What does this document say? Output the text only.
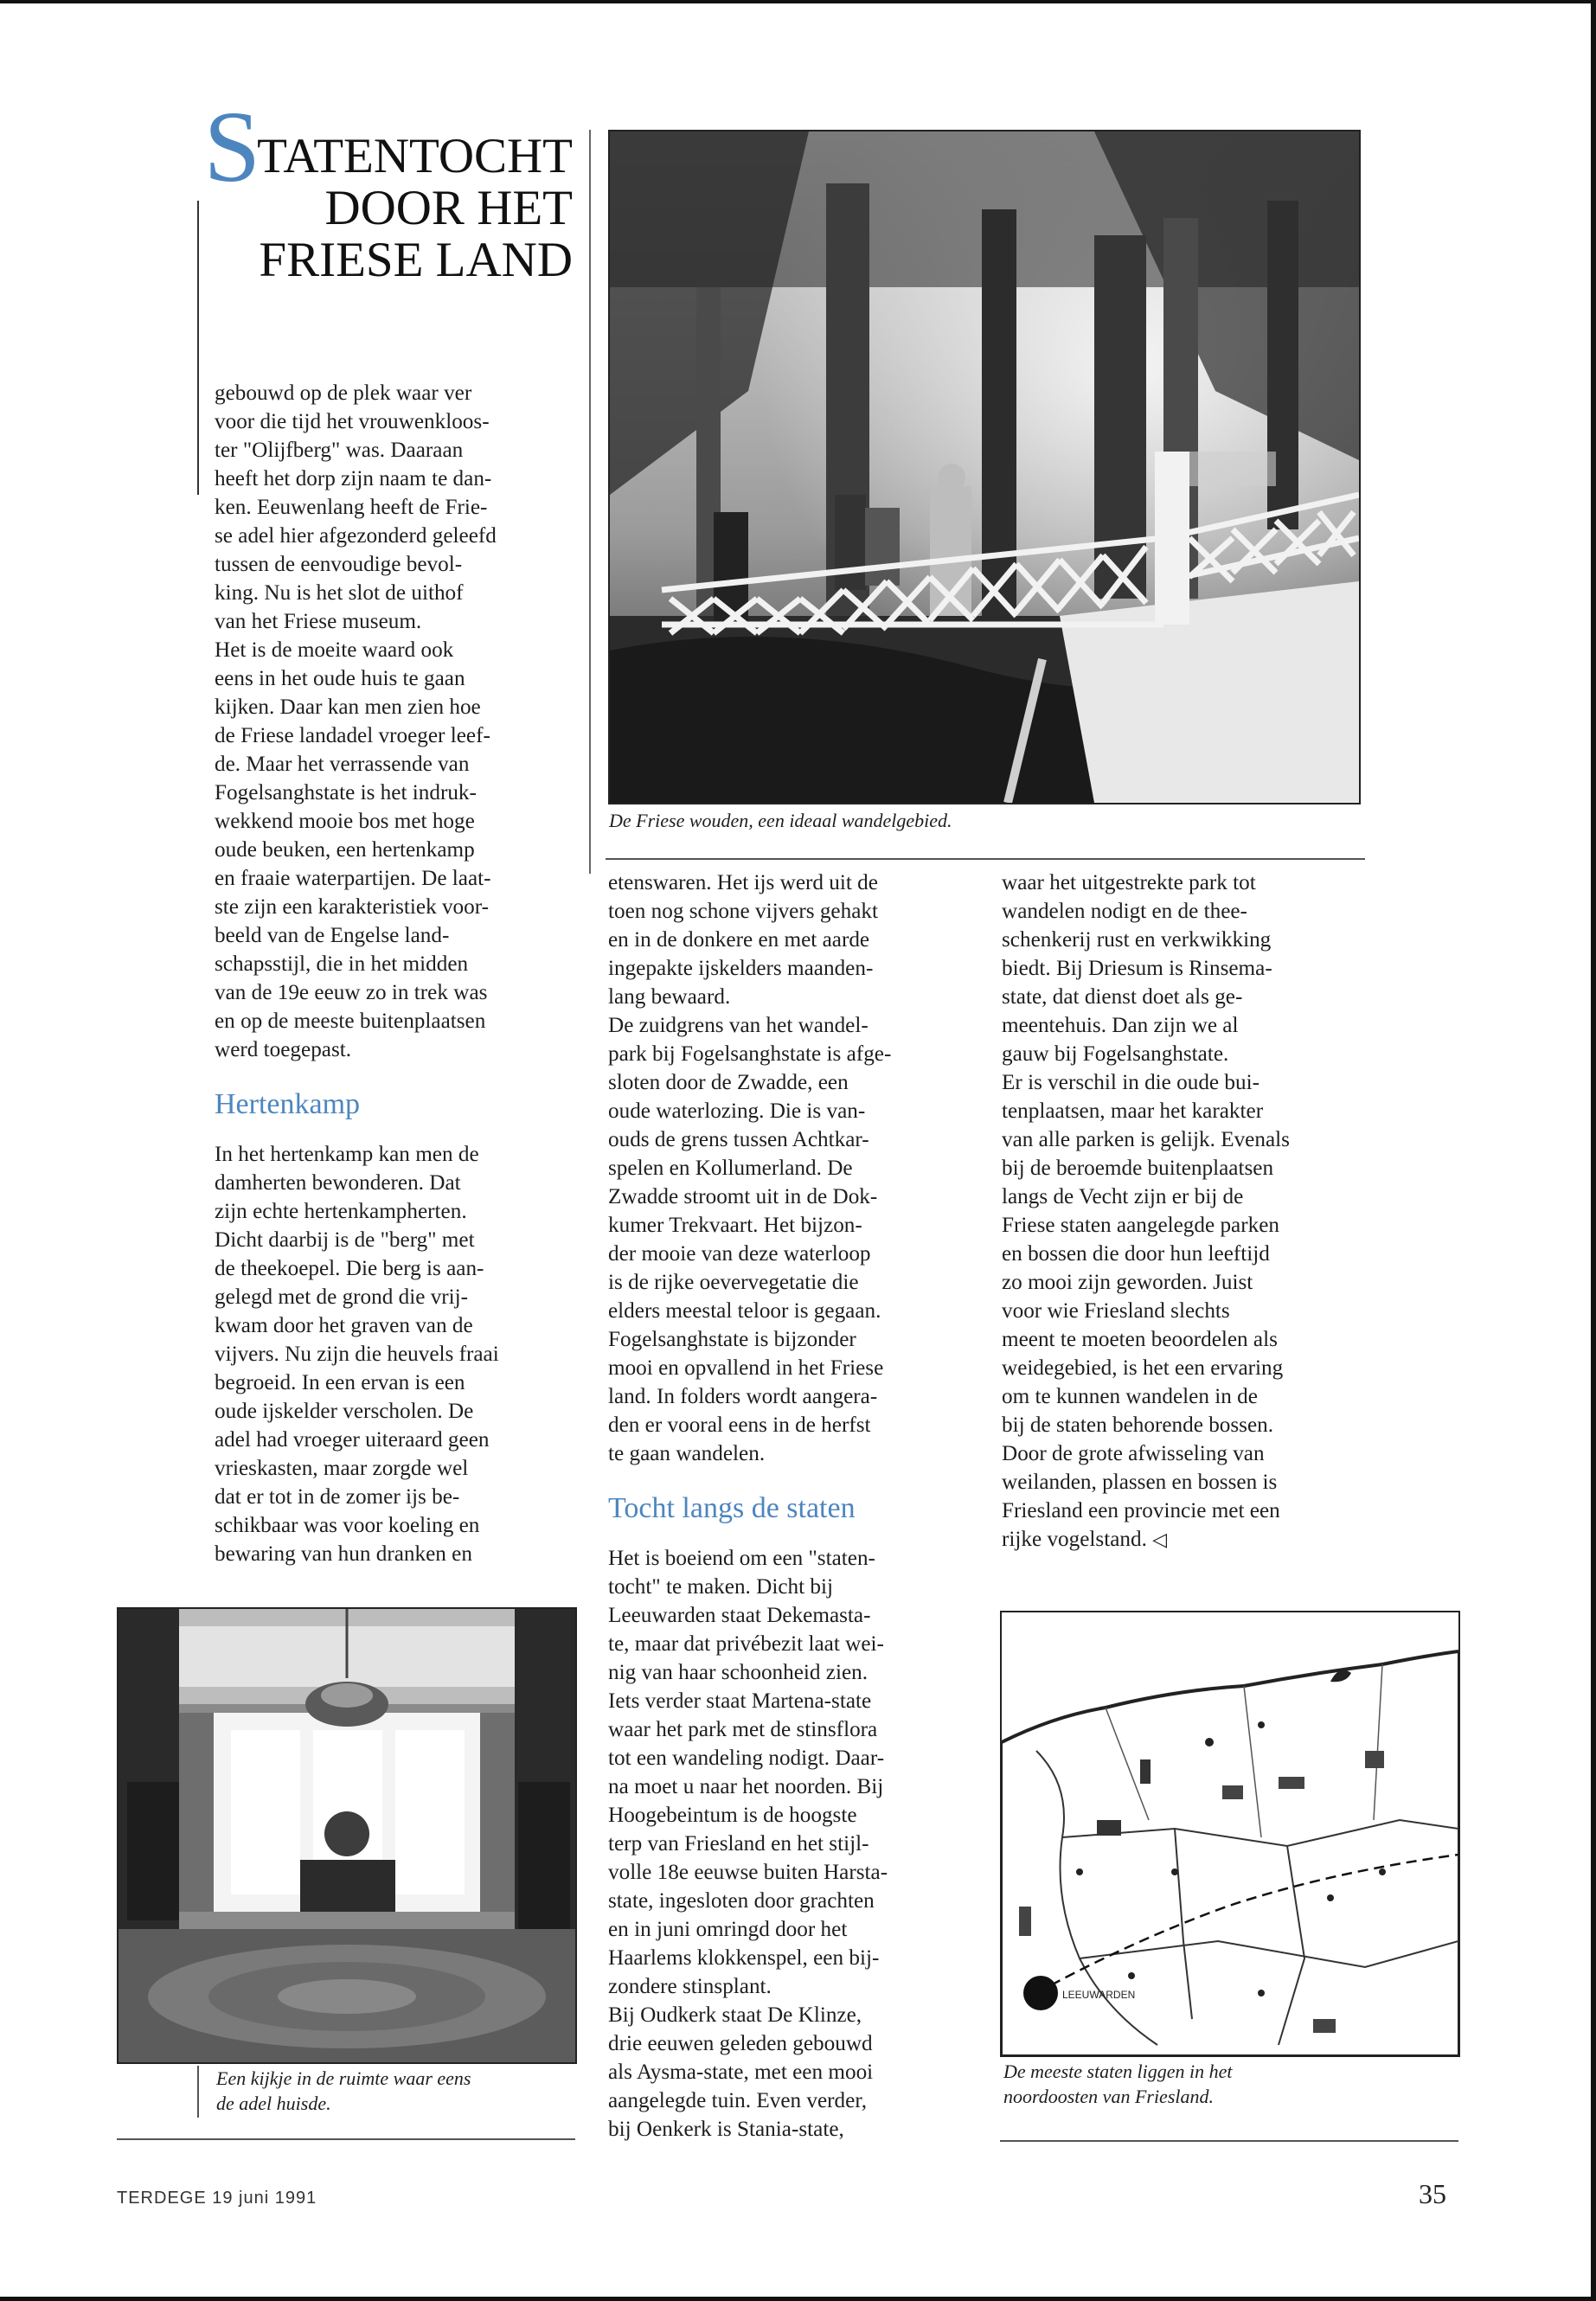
STATENTOCHT
DOOR HET
FRIESE LAND
De Friese wouden, een ideaal wandelgebied.

gebouwd op de plek waar ver
voor die tijd het vrouwenkloos-
ter "Olijfberg" was. Daaraan
heeft het dorp zijn naam te dan-
ken. Eeuwenlang heeft de Frie-
se adel hier afgezonderd geleefd
tussen de eenvoudige bevol-
king. Nu is het slot de uithof
van het Friese museum.
Het is de moeite waard ook
eens in het oude huis te gaan
kijken. Daar kan men zien hoe
de Friese landadel vroeger leef-
de. Maar het verrassende van
Fogelsanghstate is het indruk-
wekkend mooie bos met hoge
oude beuken, een hertenkamp
en fraaie waterpartijen. De laat-
ste zijn een karakteristiek voor-
beeld van de Engelse land-
schapsstijl, die in het midden
van de 19e eeuw zo in trek was
en op de meeste buitenplaatsen
werd toegepast.

Hertenkamp

In het hertenkamp kan men de
damherten bewonderen. Dat
zijn echte hertenkampherten.
Dicht daarbij is de "berg" met
de theekoepel. Die berg is aan-
gelegd met de grond die vrij-
kwam door het graven van de
vijvers. Nu zijn die heuvels fraai
begroeid. In een ervan is een
oude ijskelder verscholen. De
adel had vroeger uiteraard geen
vrieskasten, maar zorgde wel
dat er tot in de zomer ijs be-
schikbaar was voor koeling en
bewaring van hun dranken en

etenswaren. Het ijs werd uit de
toen nog schone vijvers gehakt
en in de donkere en met aarde
ingepakte ijskelders maanden-
lang bewaard.
De zuidgrens van het wandel-
park bij Fogelsanghstate is afge-
sloten door de Zwadde, een
oude waterlozing. Die is van-
ouds de grens tussen Achtkar-
spelen en Kollumerland. De
Zwadde stroomt uit in de Dok-
kumer Trekvaart. Het bijzon-
der mooie van deze waterloop
is de rijke oevervegetatie die
elders meestal teloor is gegaan.
Fogelsanghstate is bijzonder
mooi en opvallend in het Friese
land. In folders wordt aangera-
den er vooral eens in de herfst
te gaan wandelen.

Tocht langs de staten

Het is boeiend om een "staten-
tocht" te maken. Dicht bij
Leeuwarden staat Dekemasta-
te, maar dat privébezit laat wei-
nig van haar schoonheid zien.
Iets verder staat Martena-state
waar het park met de stinsflora
tot een wandeling nodigt. Daar-
na moet u naar het noorden. Bij
Hoogebeintum is de hoogste
terp van Friesland en het stijl-
volle 18e eeuwse buiten Harsta-
state, ingesloten door grachten
en in juni omringd door het
Haarlems klokkenspel, een bij-
zondere stinsplant.
Bij Oudkerk staat De Klinze,
drie eeuwen geleden gebouwd
als Aysma-state, met een mooi
aangelegde tuin. Even verder,
bij Oenkerk is Stania-state,

waar het uitgestrekte park tot
wandelen nodigt en de thee-
schenkerij rust en verkwikking
biedt. Bij Driesum is Rinsema-
state, dat dienst doet als ge-
meentehuis. Dan zijn we al
gauw bij Fogelsanghstate.
Er is verschil in die oude bui-
tenplaatsen, maar het karakter
van alle parken is gelijk. Evenals
bij de beroemde buitenplaatsen
langs de Vecht zijn er bij de
Friese staten aangelegde parken
en bossen die door hun leeftijd
zo mooi zijn geworden. Juist
voor wie Friesland slechts
meent te moeten beoordelen als
weidegebied, is het een ervaring
om te kunnen wandelen in de
bij de staten behorende bossen.
Door de grote afwisseling van
weilanden, plassen en bossen is
Friesland een provincie met een
rijke vogelstand. ◁

Een kijkje in de ruimte waar eens
de adel huisde.
LEEUWARDEN
De meeste staten liggen in het
noordoosten van Friesland.
TERDEGE 19 juni 1991	35
